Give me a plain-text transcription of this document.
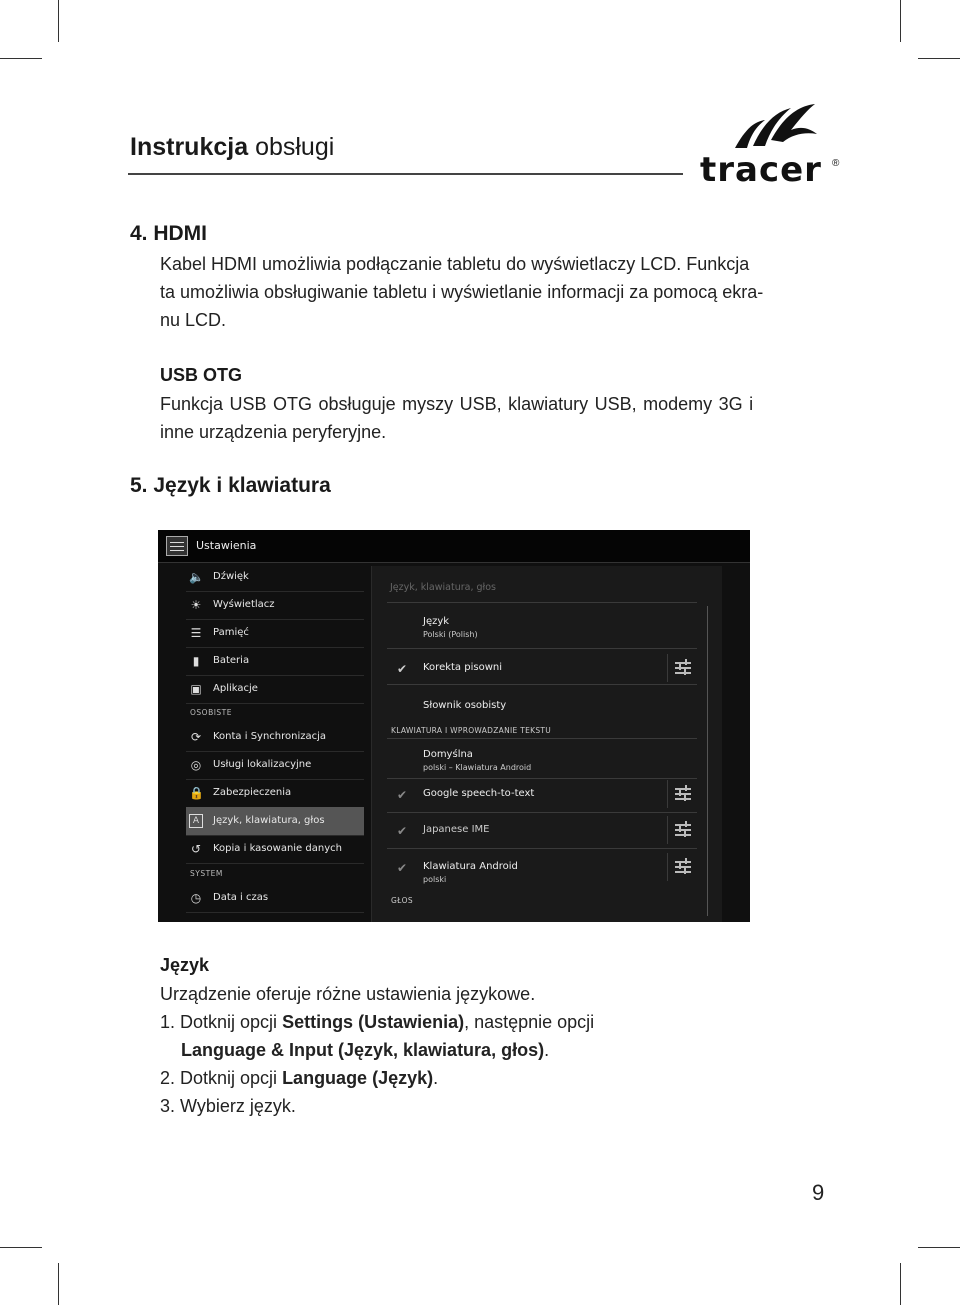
Instrukcja obsługi
tracer ®
4. HDMI
Kabel HDMI umożliwia podłączanie tabletu do wyświetlaczy LCD. Funkcja
ta umożliwia obsługiwanie tabletu i wyświetlanie informacji za pomocą ekra-
nu LCD.
USB OTG
Funkcja USB OTG obsługuje myszy USB, klawiatury USB, modemy 3G i
inne urządzenia peryferyjne.
5. Język i klawiatura
Ustawienia
🔈 Dźwięk
☀ Wyświetlacz
☰ Pamięć
▮	Bateria
▣ Aplikacje
OSOBISTE
⟳ Konta i Synchronizacja
◎ Usługi lokalizacyjne
🔒 Zabezpieczenia
A	Język, klawiatura, głos
↺ Kopia i kasowanie danych
SYSTEM
◷ Data i czas
Język, klawiatura, głos
Język
Polski (Polish)
✔ Korekta pisowni
Słownik osobisty
KLAWIATURA I WPROWADZANIE TEKSTU
Domyślna
polski – Klawiatura Android
✔ Google speech-to-text
✔ Japanese IME
✔ Klawiatura Android
polski
GŁOS
Język
Urządzenie oferuje różne ustawienia językowe.
1. Dotknij opcji Settings (Ustawienia), następnie opcji
Language & Input (Język, klawiatura, głos).
2. Dotknij opcji Language (Język).
3. Wybierz język.
9
